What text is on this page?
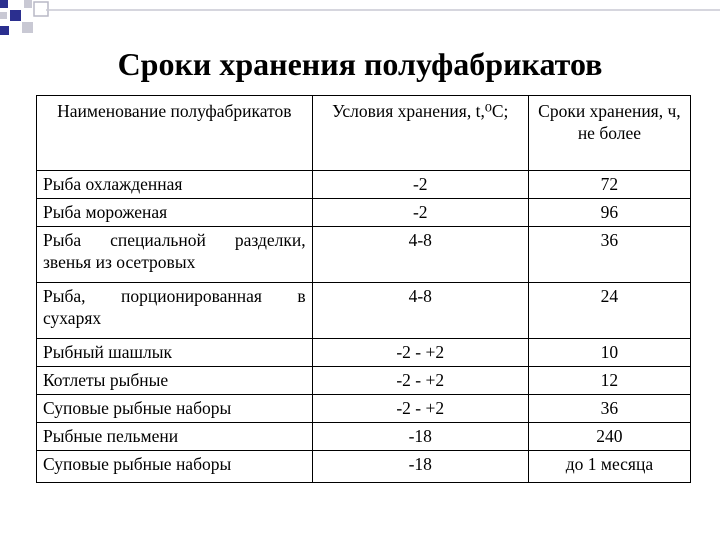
Сроки хранения полуфабрикатов
Наименование полуфабрикатов	Условия хранения, t,⁰C;	Сроки хранения, ч, не более
Рыба охлажденная	-2	72
Рыба мороженая	-2	96
Рыба специальной разделки, звенья из осетровых	4-8	36
Рыба, порционированная в сухарях	4-8	24
Рыбный шашлык	-2 - +2	10
Котлеты рыбные	-2 - +2	12
Суповые рыбные наборы	-2 - +2	36
Рыбные пельмени	-18	240
Суповые рыбные наборы	-18	до 1 месяца
